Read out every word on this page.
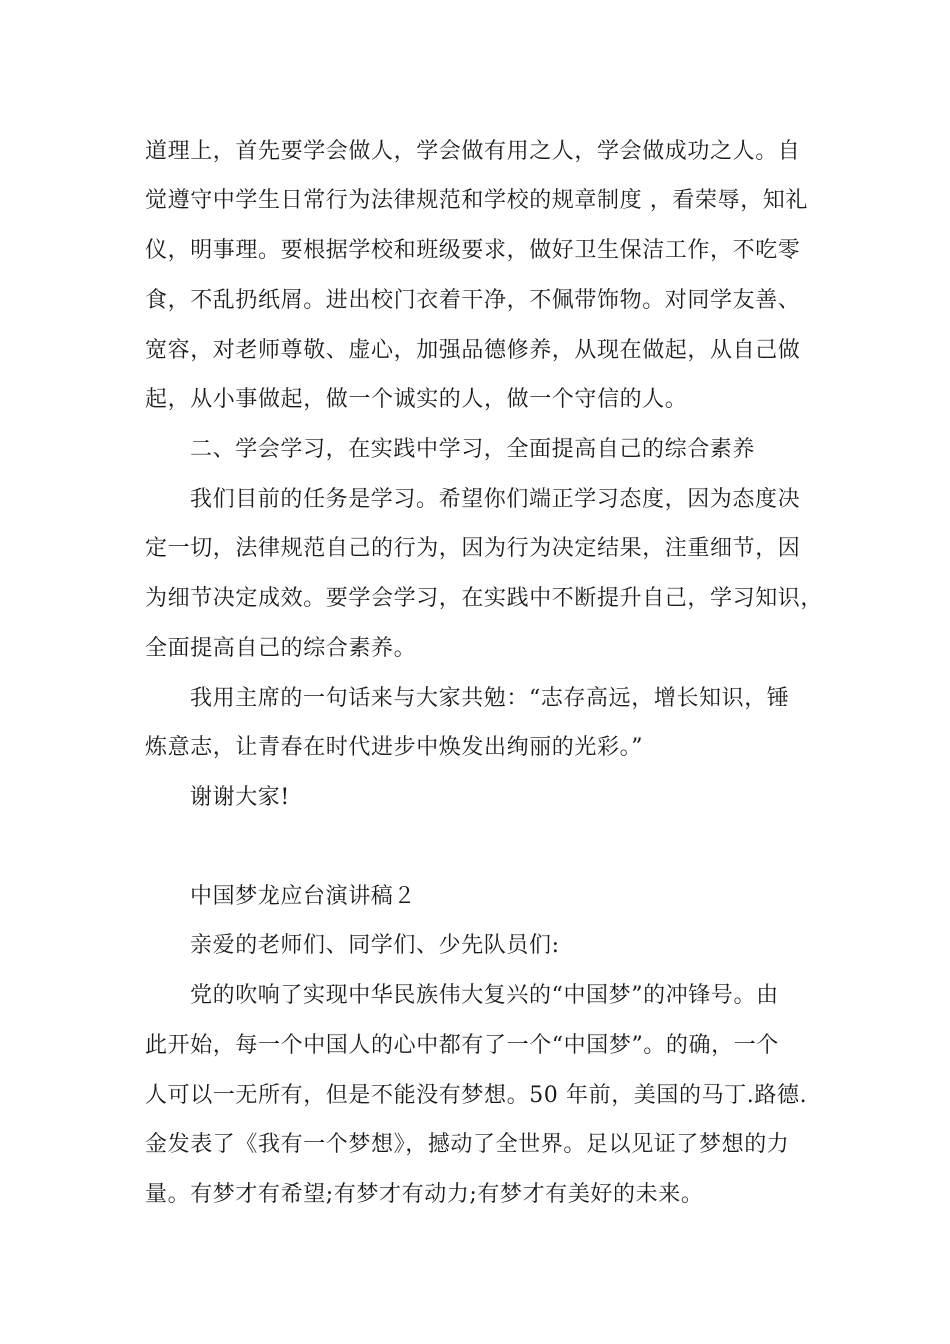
道理上，首先要学会做人，学会做有用之人，学会做成功之人。自
觉遵守中学生日常行为法律规范和学校的规章制度 ，看荣辱，知礼
仪，明事理。要根据学校和班级要求，做好卫生保洁工作，不吃零
食，不乱扔纸屑。进出校门衣着干净，不佩带饰物。对同学友善、
宽容，对老师尊敬、虚心，加强品德修养，从现在做起，从自己做
起，从小事做起，做一个诚实的人，做一个守信的人。
二、学会学习，在实践中学习，全面提高自己的综合素养
我们目前的任务是学习。希望你们端正学习态度，因为态度决
定一切，法律规范自己的行为，因为行为决定结果，注重细节，因
为细节决定成效。要学会学习，在实践中不断提升自己，学习知识，
全面提高自己的综合素养。
我用主席的一句话来与大家共勉：“志存高远，增长知识，锤
炼意志，让青春在时代进步中焕发出绚丽的光彩。”
谢谢大家!
中国梦龙应台演讲稿２
亲爱的老师们、同学们、少先队员们:
党的吹响了实现中华民族伟大复兴的“中国梦”的冲锋号。由
此开始，每一个中国人的心中都有了一个“中国梦”。的确，一个
人可以一无所有，但是不能没有梦想。50 年前，美国的马丁.路德.
金发表了《我有一个梦想》，撼动了全世界。足以见证了梦想的力
量。有梦才有希望;有梦才有动力;有梦才有美好的未来。
